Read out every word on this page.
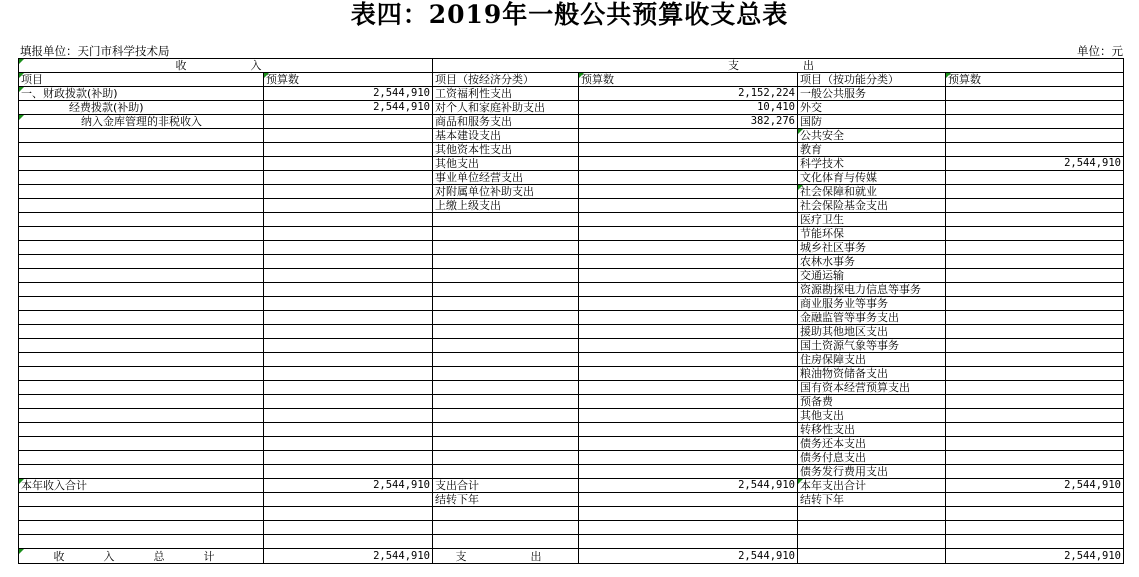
表四：2019年一般公共预算收支总表
填报单位：天门市科学技术局	单位：元
收　　入		支　　出			
项目	预算数	项目（按经济分类）	预算数	项目（按功能分类）	预算数
一、财政拨款(补助)	2,544,910	工资福利性支出	2,152,224	一般公共服务	
经费拨款(补助)	2,544,910	对个人和家庭补助支出	10,410	外交	
纳入金库管理的非税收入		商品和服务支出	382,276	国防	
		基本建设支出		公共安全	
		其他资本性支出		教育	
		其他支出		科学技术	2,544,910
		事业单位经营支出		文化体育与传媒	
		对附属单位补助支出		社会保障和就业	
		上缴上级支出		社会保险基金支出	
				医疗卫生	
				节能环保	
				城乡社区事务	
				农林水事务	
				交通运输	
				资源勘探电力信息等事务	
				商业服务业等事务	
				金融监管等事务支出	
				援助其他地区支出	
				国土资源气象等事务	
				住房保障支出	
				粮油物资储备支出	
				国有资本经营预算支出	
				预备费	
				其他支出	
				转移性支出	
				债务还本支出	
				债务付息支出	
				债务发行费用支出	
本年收入合计	2,544,910	支出合计	2,544,910	本年支出合计	2,544,910
		结转下年		结转下年	

收　入　总　计	2,544,910	支　　出	2,544,910		2,544,910
